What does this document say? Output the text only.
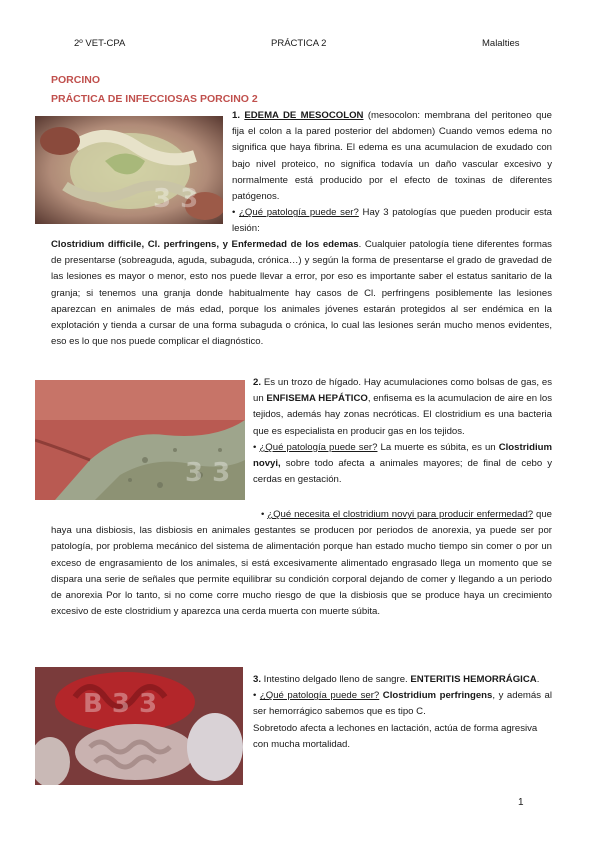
2º VET-CPA	PRÁCTICA 2	Malalties
PORCINO
PRÁCTICA DE INFECCIOSAS PORCINO 2
3 3

1. EDEMA DE MESOCOLON (mesocolon: membrana del peritoneo que fija el colon a la pared posterior del abdomen) Cuando vemos edema no significa que haya fibrina. El edema es una acumulacion de exudado con bajo nivel proteico, no significa todavía un daño vascular excesivo y normalmente está producido por el efecto de toxinas de diferentes patógenos.

• ¿Qué patología puede ser? Hay 3 patologías que pueden producir esta lesión:

Clostridium difficile, Cl. perfringens, y Enfermedad de los edemas. Cualquier patología tiene diferentes formas de presentarse (sobreaguda, aguda, subaguda, crónica…) y según la forma de presentarse el grado de gravedad de las lesiones es mayor o menor, esto nos puede llevar a error, por eso es importante saber el estatus sanitario de la granja; si tenemos una granja donde habitualmente hay casos de Cl. perfringens posiblemente las lesiones aparezcan en animales de más edad, porque los animales jóvenes estarán protegidos al ser endémica en la explotación y tienda a cursar de una forma subaguda o crónica, lo cual las lesiones serán mucho menos evidentes, eso es lo que nos puede complicar el diagnóstico.

3 3

2. Es un trozo de hígado. Hay acumulaciones como bolsas de gas, es un ENFISEMA HEPÁTICO, enfisema es la acumulacion de aire en los tejidos, además hay zonas necróticas. El clostridium es una bacteria que es especialista en producir gas en los tejidos.

• ¿Qué patología puede ser? La muerte es súbita, es un Clostridium novyi, sobre todo afecta a animales mayores; de final de cebo y cerdas en gestación.

• ¿Qué necesita el clostridium novyi para producir enfermedad? que haya una disbiosis, las disbiosis en animales gestantes se producen por periodos de anorexia, ya puede ser por patología, por problema mecánico del sistema de alimentación porque han estado mucho tiempo sin comer o por un exceso de engrasamiento de los animales, si está excesivamente alimentado engrasado llega un momento que se dispara una serie de señales que permite equilibrar su condición corporal dejando de comer y llegando a un periodo de anorexia Por lo tanto, si no come corre mucho riesgo de que la disbiosis que se produce haya un crecimiento excesivo de este clostridium y aparezca una cerda muerta con muerte súbita.

B 3 3

3. Intestino delgado lleno de sangre. ENTERITIS HEMORRÁGICA.

• ¿Qué patología puede ser? Clostridium perfringens, y además al ser hemorrágico sabemos que es tipo C.

Sobretodo afecta a lechones en lactación, actúa de forma agresiva con mucha mortalidad.

1
